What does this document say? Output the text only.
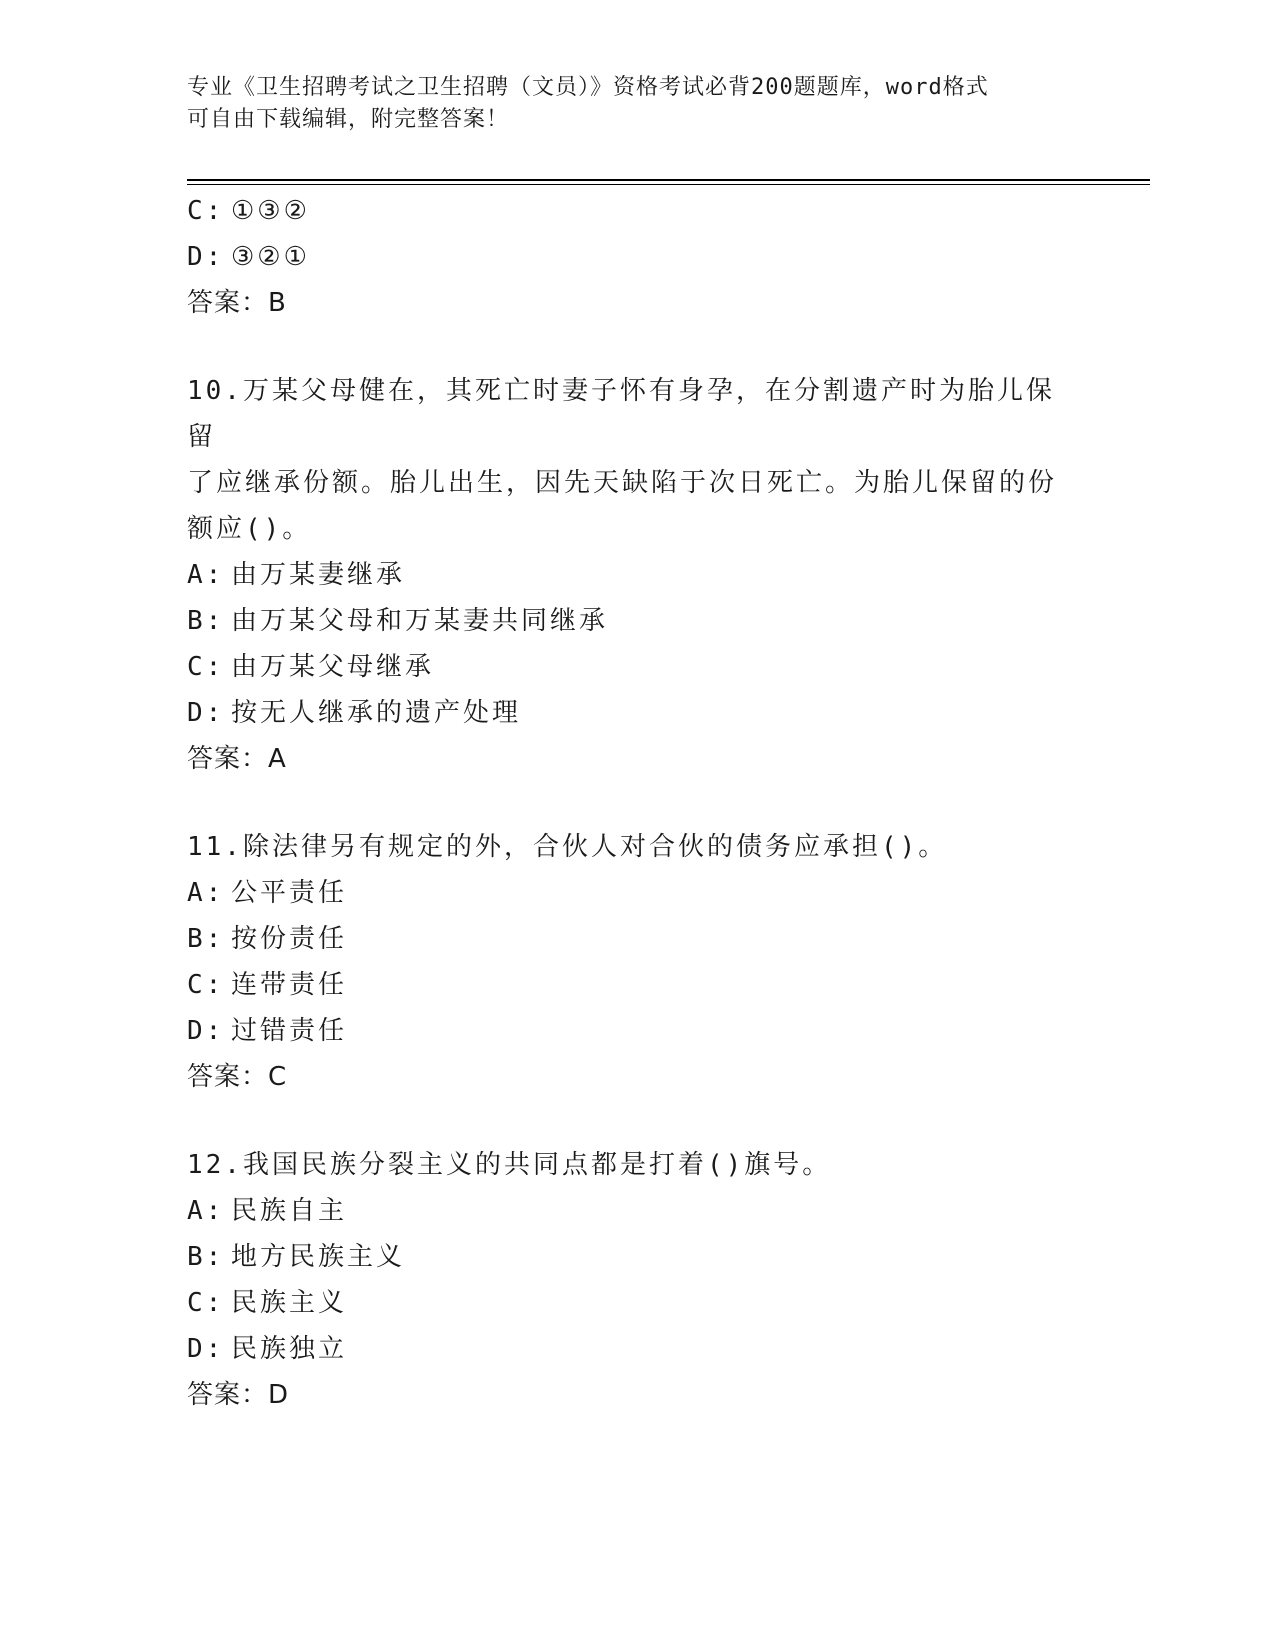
专业《卫生招聘考试之卫生招聘（文员）》资格考试必背200题题库，word格式
可自由下载编辑，附完整答案！
C: ①③②
D: ③②①
答案：B
10.万某父母健在，其死亡时妻子怀有身孕，在分割遗产时为胎儿保留
了应继承份额。胎儿出生，因先天缺陷于次日死亡。为胎儿保留的份
额应()。
A: 由万某妻继承
B: 由万某父母和万某妻共同继承
C: 由万某父母继承
D: 按无人继承的遗产处理
答案：A
11.除法律另有规定的外，合伙人对合伙的债务应承担()。
A: 公平责任
B: 按份责任
C: 连带责任
D: 过错责任
答案：C
12.我国民族分裂主义的共同点都是打着()旗号。
A: 民族自主
B: 地方民族主义
C: 民族主义
D: 民族独立
答案：D
